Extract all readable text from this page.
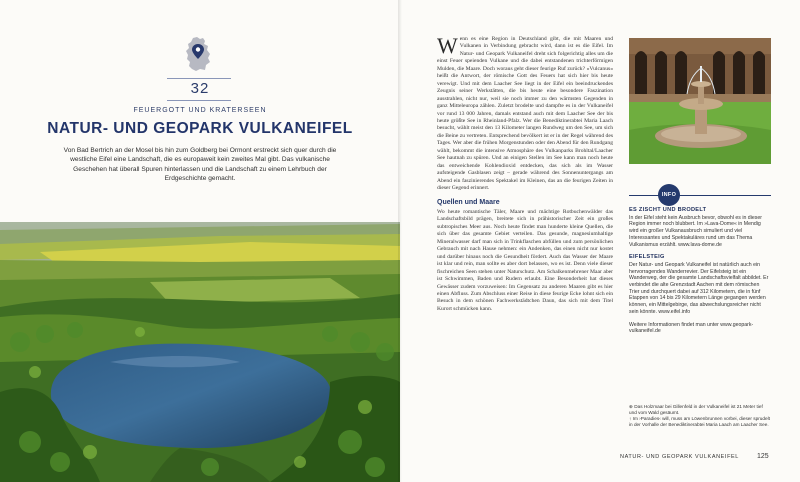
32
FEUERGOTT UND KRATERSEEN
NATUR- UND GEOPARK VULKANEIFEL
Von Bad Bertrich an der Mosel bis hin zum Goldberg bei Ormont erstreckt sich quer durch die westliche Eifel eine Landschaft, die es europaweit kein zweites Mal gibt. Das vulkanische Geschehen hat überall Spuren hinterlassen und die Landschaft zu einem Lehrbuch der Erdgeschichte gemacht.

Wenn es eine Region in Deutschland gibt, die mit Maaren und Vulkanen in Verbindung gebracht wird, dann ist es die Eifel. Im Natur- und Geopark Vulkaneifel dreht sich folgerichtig alles um die einst Feuer speienden Vulkane und die dabei entstandenen trichterförmigen Mulden, die Maare. Doch woraus geht dieser feurige Ruf zurück? »Vulcanus« heißt die Antwort, der römische Gott des Feuers hat sich hier bis heute verewigt. Und mit dem Laacher See liegt in der Eifel ein beeindruckendes Zeugnis seiner Werkstätten, die bis heute eine besondere Faszination ausstrahlen, nicht nur, weil sie noch immer zu den wärmsten Gegenden in ganz Mitteleuropa zählen. Zuletzt brodelte und dampfte es in der Vulkaneifel vor rund 13 000 Jahren, damals entstand auch mit dem Laacher See der bis heute größte See in Rheinland-Pfalz. Wer die Benediktinerabtei Maria Laach besucht, wählt meist den 13 Kilometer langen Rundweg um den See, um sich die Beine zu vertreten. Entsprechend bevölkert ist er in der Regel während des Tages. Wer aber die frühen Morgenstunden oder den Abend für den Rundgang wählt, bekommt die intensive Atmosphäre des Vulkanparks Brohltal/Laacher See hautnah zu spüren. Und an einigen Stellen im See kann man noch heute das entweichende Kohlendioxid entdecken, das sich als im Wasser aufsteigende Gasblasen zeigt – gerade während des Sonnenuntergangs am Abend ein faszinierendes Spektakel im Kleinen, das an die feurigen Zeiten in dieser Gegend erinnert.

Quellen und Maare

Wo heute romantische Täler, Maare und mächtige Rotbuchenwälder das Landschaftsbild prägen, breitete sich in prähistorischer Zeit ein großes subtropisches Meer aus. Noch heute findet man hunderte kleine Quellen, die sich über das gesamte Gebiet verteilen. Das gesunde, magnesiumhaltige Mineralwasser darf man sich in Trinkflaschen abfüllen und zum persönlichen Gebrauch mit nach Hause nehmen: ein Andenken, das einen nicht nur kostet und darüber hinaus noch die Gesundheit fördert. Auch das Wasser der Maare ist klar und rein, man sollte es aber dort belassen, wo es ist. Denn viele dieser fischreichen Seen stehen unter Naturschutz. Am Schalkenmehrener Maar aber ist Schwimmen, Baden und Rudern erlaubt. Eine Besonderheit hat dieses Gewässer zudem vorzuweisen: Im Gegensatz zu anderen Maaren gibt es hier einen Abfluss. Zum Abschluss einer Reise in diese feurige Ecke lohnt sich ein Besuch in dem schönen Fachwerkstädtchen Daun, das sich mit dem Titel Kurort schmücken kann.

INFO
ES ZISCHT UND BRODELT

In der Eifel steht kein Ausbruch bevor, obwohl es in dieser Region immer noch blubbert. Im »Lava-Dome« in Mendig wird ein großer Vulkanausbruch simuliert und viel Interessantes und Spektakuläres rund um das Thema Vulkanismus erzählt. www.lava-dome.de

EIFELSTEIG

Der Natur- und Geopark Vulkaneifel ist natürlich auch ein hervorragendes Wanderrevier. Der Eifelsteig ist ein Wanderweg, der die gesamte Landschaftsvielfalt abbildet. Er verbindet die alte Grenzstadt Aachen mit dem römischen Trier und durchquert dabei auf 312 Kilometern, die in fünf Etappen von 14 bis 29 Kilometern Länge gegangen werden können, ein Mittelgebirge, das abwechslungsreicher nicht sein könnte. www.eifel.info

Weitere Informationen findet man unter www.geopark-vulkaneifel.de

⊕ Das Holzmaar bei Gillenfeld in der Vulkaneifel ist 21 Meter tief und vom Wald gesäumt.
↑ Im ›Paradies‹ will, muss am Löwenbrunnen vorbei, dieser sprudelt in der Vorhalle der Benediktinerabtei Maria Laach am Laacher See.
NATUR- UND GEOPARK VULKANEIFEL	125
